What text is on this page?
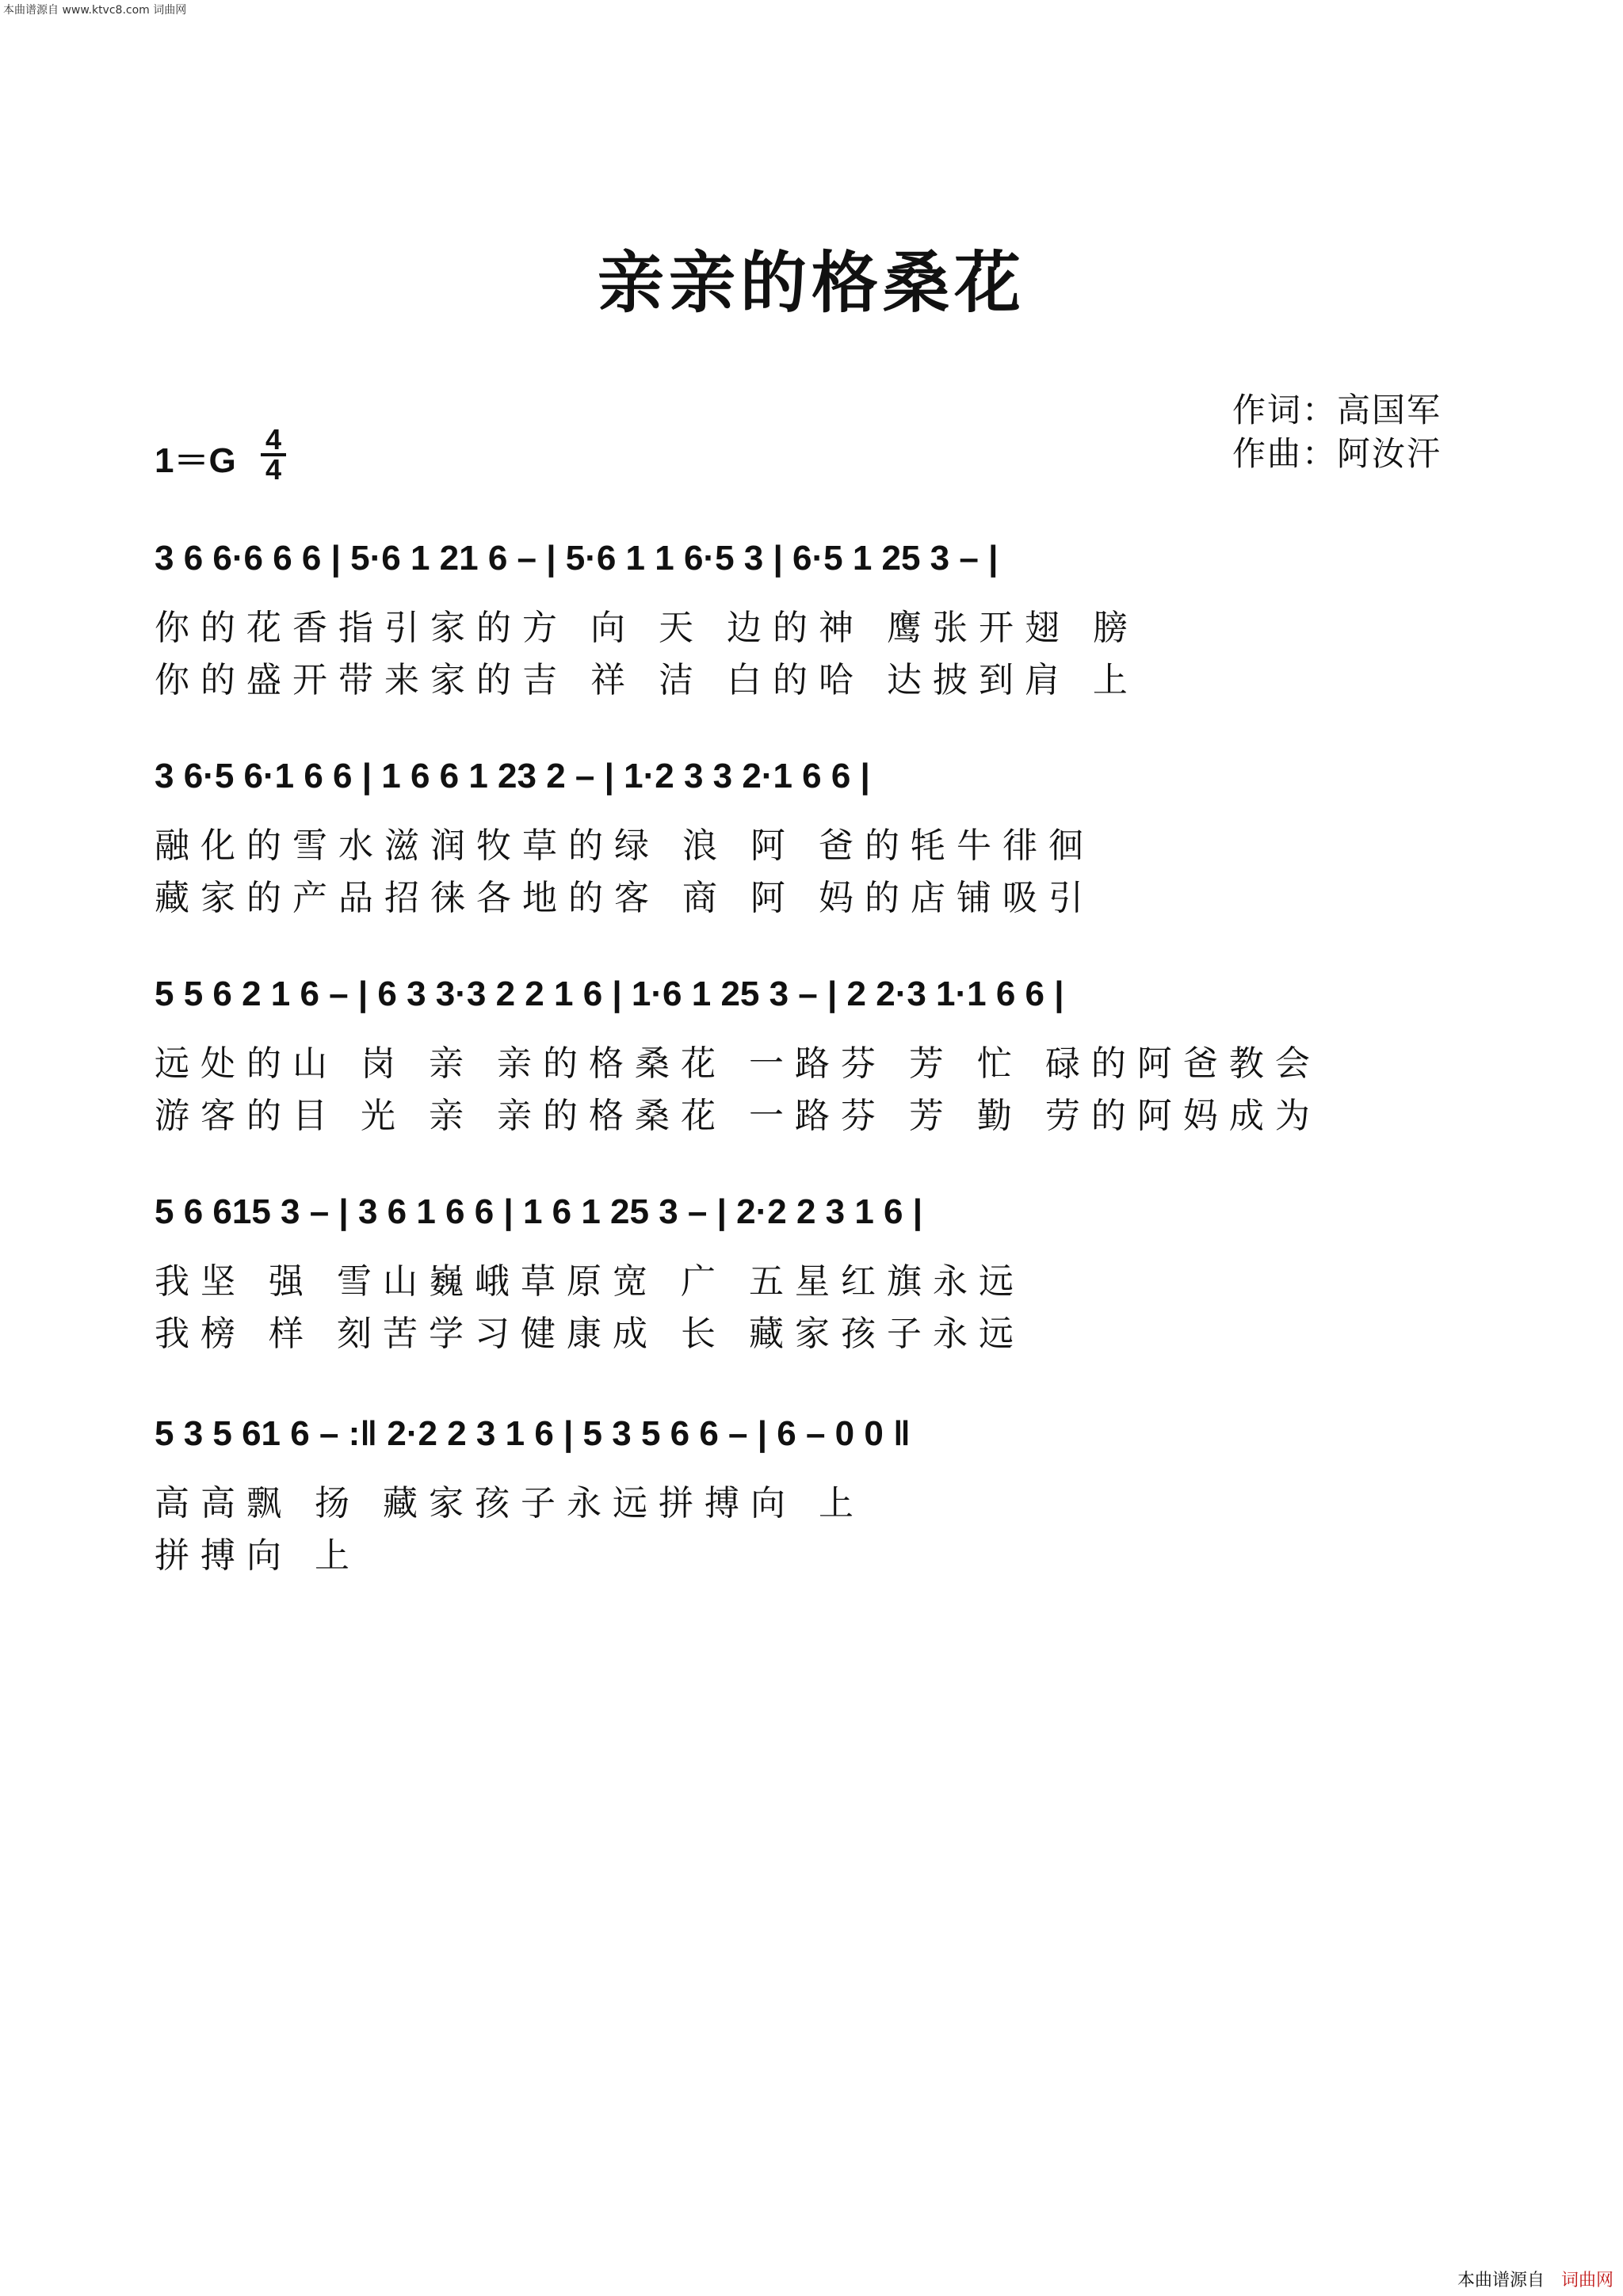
本曲谱源自 www.ktvc8.com 词曲网
亲亲的格桑花
作词：高国军
作曲：阿汝汗
1＝G
4
4
3 6 6·6 6 6 | 5·6 1 21 6 – | 5·6 1 1 6·5 3 | 6·5 1 25 3 – |
你的花香指引家的方 向 天 边的神 鹰张开翅 膀
你的盛开带来家的吉 祥 洁 白的哈 达披到肩 上
3 6·5 6·1 6 6 | 1 6 6 1 23 2 – | 1·2 3 3 2·1 6 6 |
融化的雪水滋润牧草的绿 浪 阿 爸的牦牛徘徊
藏家的产品招徕各地的客 商 阿 妈的店铺吸引
5 5 6 2 1 6 – | 6 3 3·3 2 2 1 6 | 1·6 1 25 3 – | 2 2·3 1·1 6 6 |
远处的山 岗 亲 亲的格桑花 一路芬 芳 忙 碌的阿爸教会
游客的目 光 亲 亲的格桑花 一路芬 芳 勤 劳的阿妈成为
5 6 615 3 – | 3 6 1 6 6 | 1 6 1 25 3 – | 2·2 2 3 1 6 |
我坚 强 雪山巍峨草原宽 广 五星红旗永远
我榜 样 刻苦学习健康成 长 藏家孩子永远
5 3 5 61 6 – :‖ 2·2 2 3 1 6 | 5 3 5 6 6 – | 6 – 0 0 ‖
高高飘 扬 藏家孩子永远拼搏向 上
拼搏向 上
本曲谱源自 词曲网
